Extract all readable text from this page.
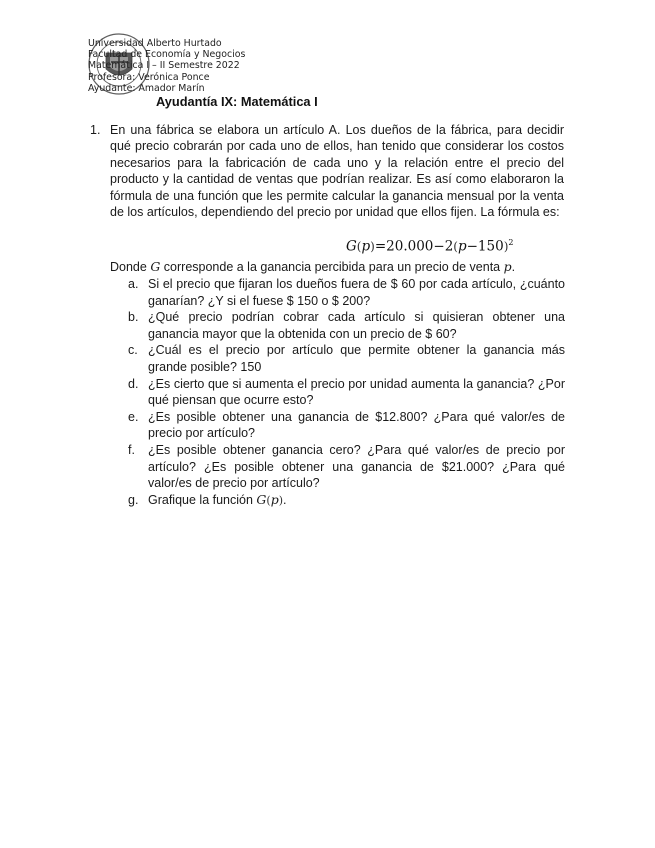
Universidad Alberto Hurtado
Facultad de Economía y Negocios
Matemática I – II Semestre 2022
Profesora: Verónica Ponce
Ayudante: Amador Marín
Ayudantía IX: Matemática I
1. En una fábrica se elabora un artículo A. Los dueños de la fábrica, para decidir qué precio cobrarán por cada uno de ellos, han tenido que considerar los costos necesarios para la fabricación de cada uno y la relación entre el precio del producto y la cantidad de ventas que podrían realizar. Es así como elaboraron la fórmula de una función que les permite calcular la ganancia mensual por la venta de los artículos, dependiendo del precio por unidad que ellos fijen. La fórmula es:
$G(p)=20.000-2(p-150)^2$
Donde G corresponde a la ganancia percibida para un precio de venta p.
a. Si el precio que fijaran los dueños fuera de $ 60 por cada artículo, ¿cuánto ganarían? ¿Y si el fuese $ 150 o $ 200?
b. ¿Qué precio podrían cobrar cada artículo si quisieran obtener una ganancia mayor que la obtenida con un precio de $ 60?
c. ¿Cuál es el precio por artículo que permite obtener la ganancia más grande posible? 150
d. ¿Es cierto que si aumenta el precio por unidad aumenta la ganancia? ¿Por qué piensan que ocurre esto?
e. ¿Es posible obtener una ganancia de $12.800? ¿Para qué valor/es de precio por artículo?
f. ¿Es posible obtener ganancia cero? ¿Para qué valor/es de precio por artículo? ¿Es posible obtener una ganancia de $21.000? ¿Para qué valor/es de precio por artículo?
g. Grafique la función G(p).
